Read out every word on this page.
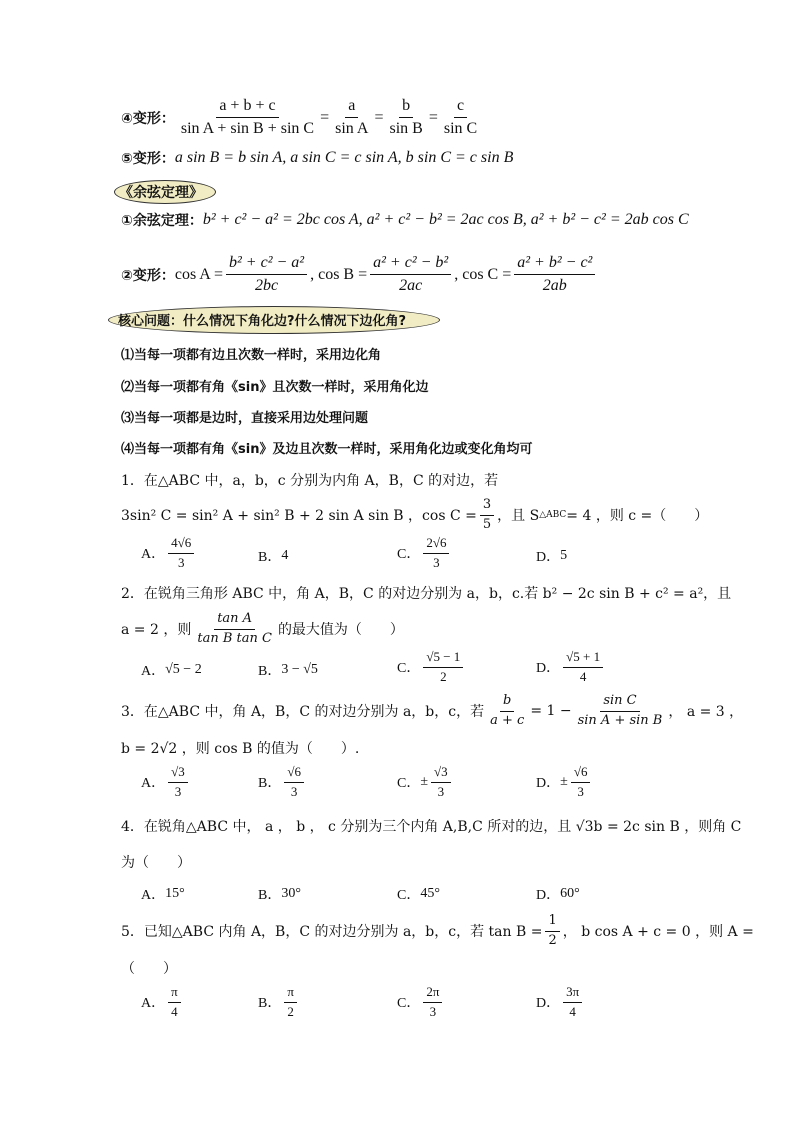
④变形： $\frac{a + b + c}{\text{sin A + sin B + sin C}} = \frac{a}{\text{sin A}} = \frac{b}{\text{sin B}} = \frac{c}{\text{sin C}}$
⑤变形： a sin B = b sin A, a sin C = c sin A, b sin C = c sin B
《余弦定理》
①余弦定理： b² + c² − a² = 2bc cos A, a² + c² − b² = 2ac cos B, a² + b² − c² = 2ab cos C
②变形： $\cos A = \frac{\text{b² + c² − a²}}{2bc}$ , $\cos B = \frac{\text{a² + c² − b²}}{2ac}$ , $\cos C = \frac{\text{a² + b² − c²}}{2ab}$
核心问题：什么情况下角化边?什么情况下边化角?
⑴当每一项都有边且次数一样时，采用边化角
⑵当每一项都有角《sin》且次数一样时，采用角化边
⑶当每一项都是边时，直接采用边处理问题
⑷当每一项都有角《sin》及边且次数一样时，采用角化边或变化角均可
1．在△ABC 中，a，b，c 分别为内角 A，B，C 的对边，若
3sin² C = sin² A + sin² B + 2 sin A sin B ，$\cos C = \frac{3}{5}$ ，且 S △ABC = 4 ，则 c =（　　）
A． $\frac{4√6}{3}$	B． 4	C． $\frac{2√6}{3}$	D． 5
2．在锐角三角形 ABC 中，角 A，B，C 的对边分别为 a，b，c.若 b² − 2c sin B + c² = a²，且
a = 2 ，则 $\frac{\text{tan A}}{\text{tan B tan C}}$ 的最大值为（　　）
A． √5 − 2	B． 3 − √5	C． $\frac{√5 - 1}{2}$	D． $\frac{√5 + 1}{4}$
3．在△ABC 中，角 A，B，C 的对边分别为 a，b，c，若 $\frac{b}{a + c} = 1 - \frac{\text{sin C}}{\text{sin A + sin B}}$ ， a = 3 ，
b = 2√2 ，则 cos B 的值为（　　）.
A． $\frac{√3}{3}$	B． $\frac{√6}{3}$	C． ± $\frac{√3}{3}$	D． ± $\frac{√6}{3}$
4．在锐角△ABC 中， a ， b ， c 分别为三个内角 A,B,C 所对的边，且 √3b = 2c sin B ，则角 C
为（　　）
A． 15°	B． 30°	C． 45°	D． 60°
5．已知△ABC 内角 A，B，C 的对边分别为 a，b，c，若 $\tan B = \frac{1}{2}$ ， b cos A + c = 0 ，则 A =
（　　）
A． $\frac{\pi}{4}$	B． $\frac{\pi}{2}$	C． $\frac{2\pi}{3}$	D． $\frac{3\pi}{4}$
